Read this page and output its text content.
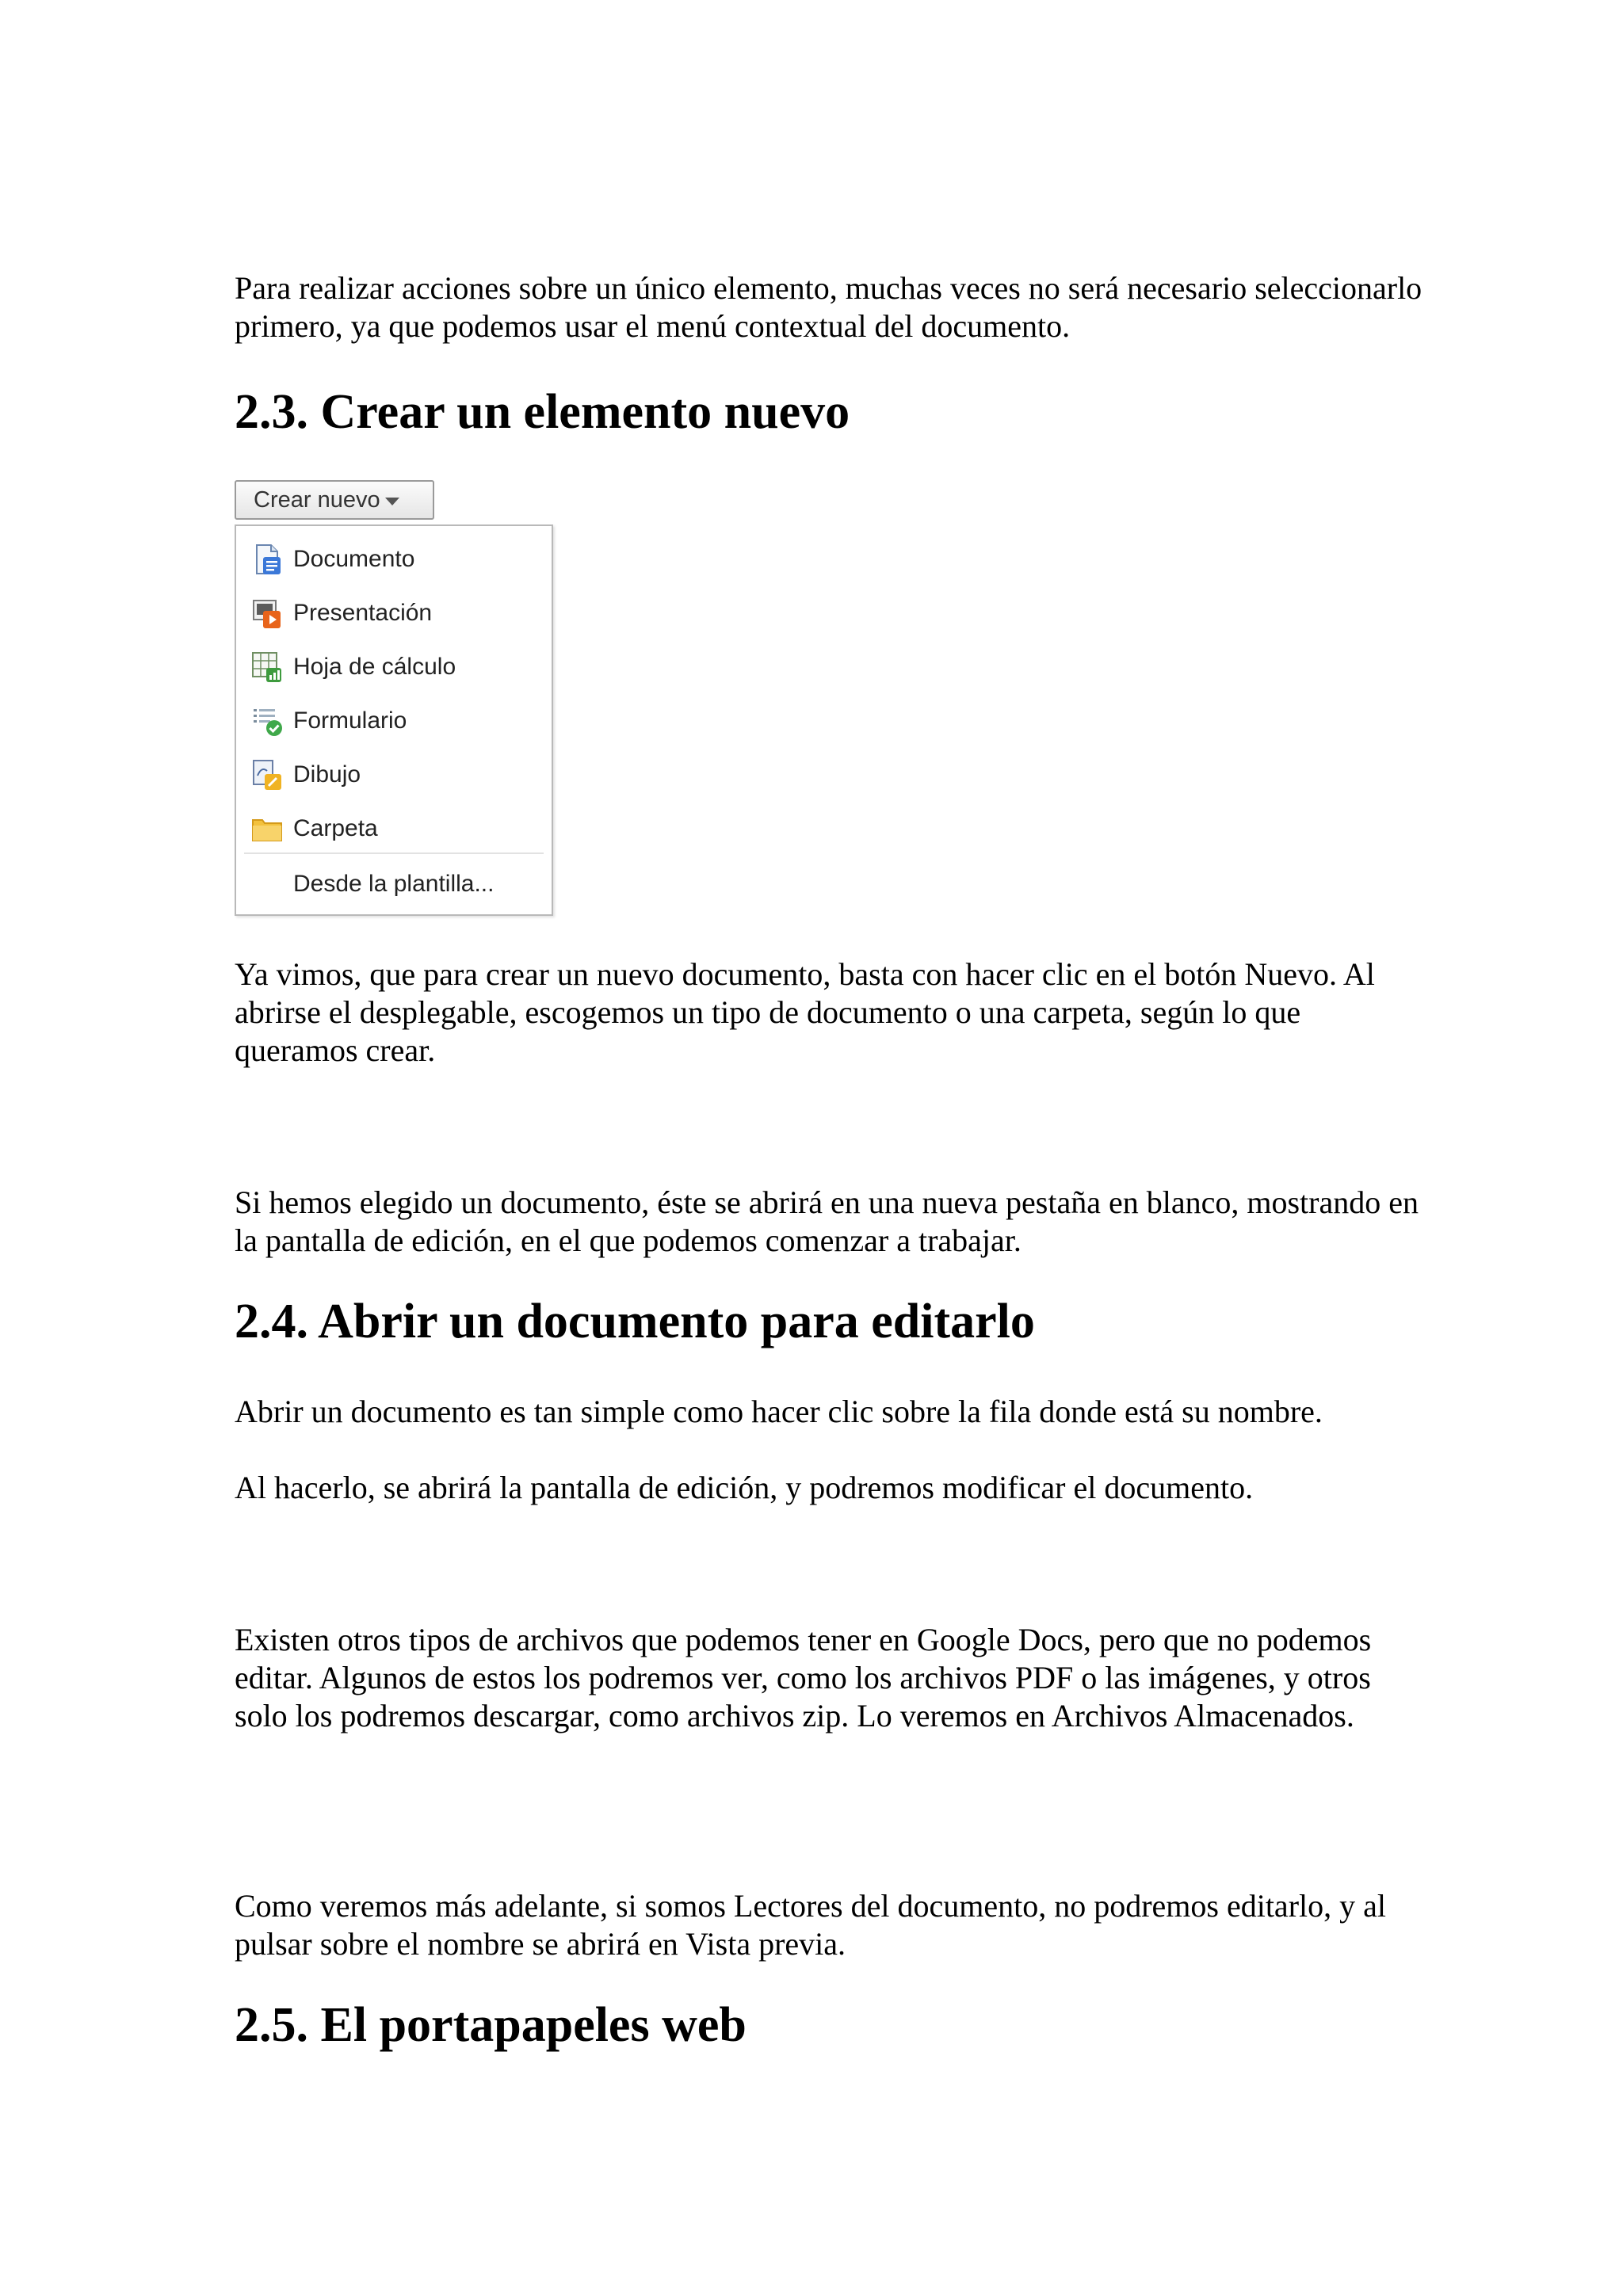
Para realizar acciones sobre un único elemento, muchas veces no será necesario seleccionarlo primero, ya que podemos usar el menú contextual del documento.

2.3. Crear un elemento nuevo
Crear nuevo
Documento
Presentación
Hoja de cálculo
Formulario
Dibujo
Carpeta
Desde la plantilla...

Ya vimos, que para crear un nuevo documento, basta con hacer clic en el botón Nuevo. Al abrirse el desplegable, escogemos un tipo de documento o una carpeta, según lo que queramos crear.

Si hemos elegido un documento, éste se abrirá en una nueva pestaña en blanco, mostrando en la pantalla de edición, en el que podemos comenzar a trabajar.

2.4. Abrir un documento para editarlo

Abrir un documento es tan simple como hacer clic sobre la fila donde está su nombre.

Al hacerlo, se abrirá la pantalla de edición, y podremos modificar el documento.

Existen otros tipos de archivos que podemos tener en Google Docs, pero que no podemos editar. Algunos de estos los podremos ver, como los archivos PDF o las imágenes, y otros solo los podremos descargar, como archivos zip. Lo veremos en Archivos Almacenados.

Como veremos más adelante, si somos Lectores del documento, no podremos editarlo, y al pulsar sobre el nombre se abrirá en Vista previa.

2.5. El portapapeles web
